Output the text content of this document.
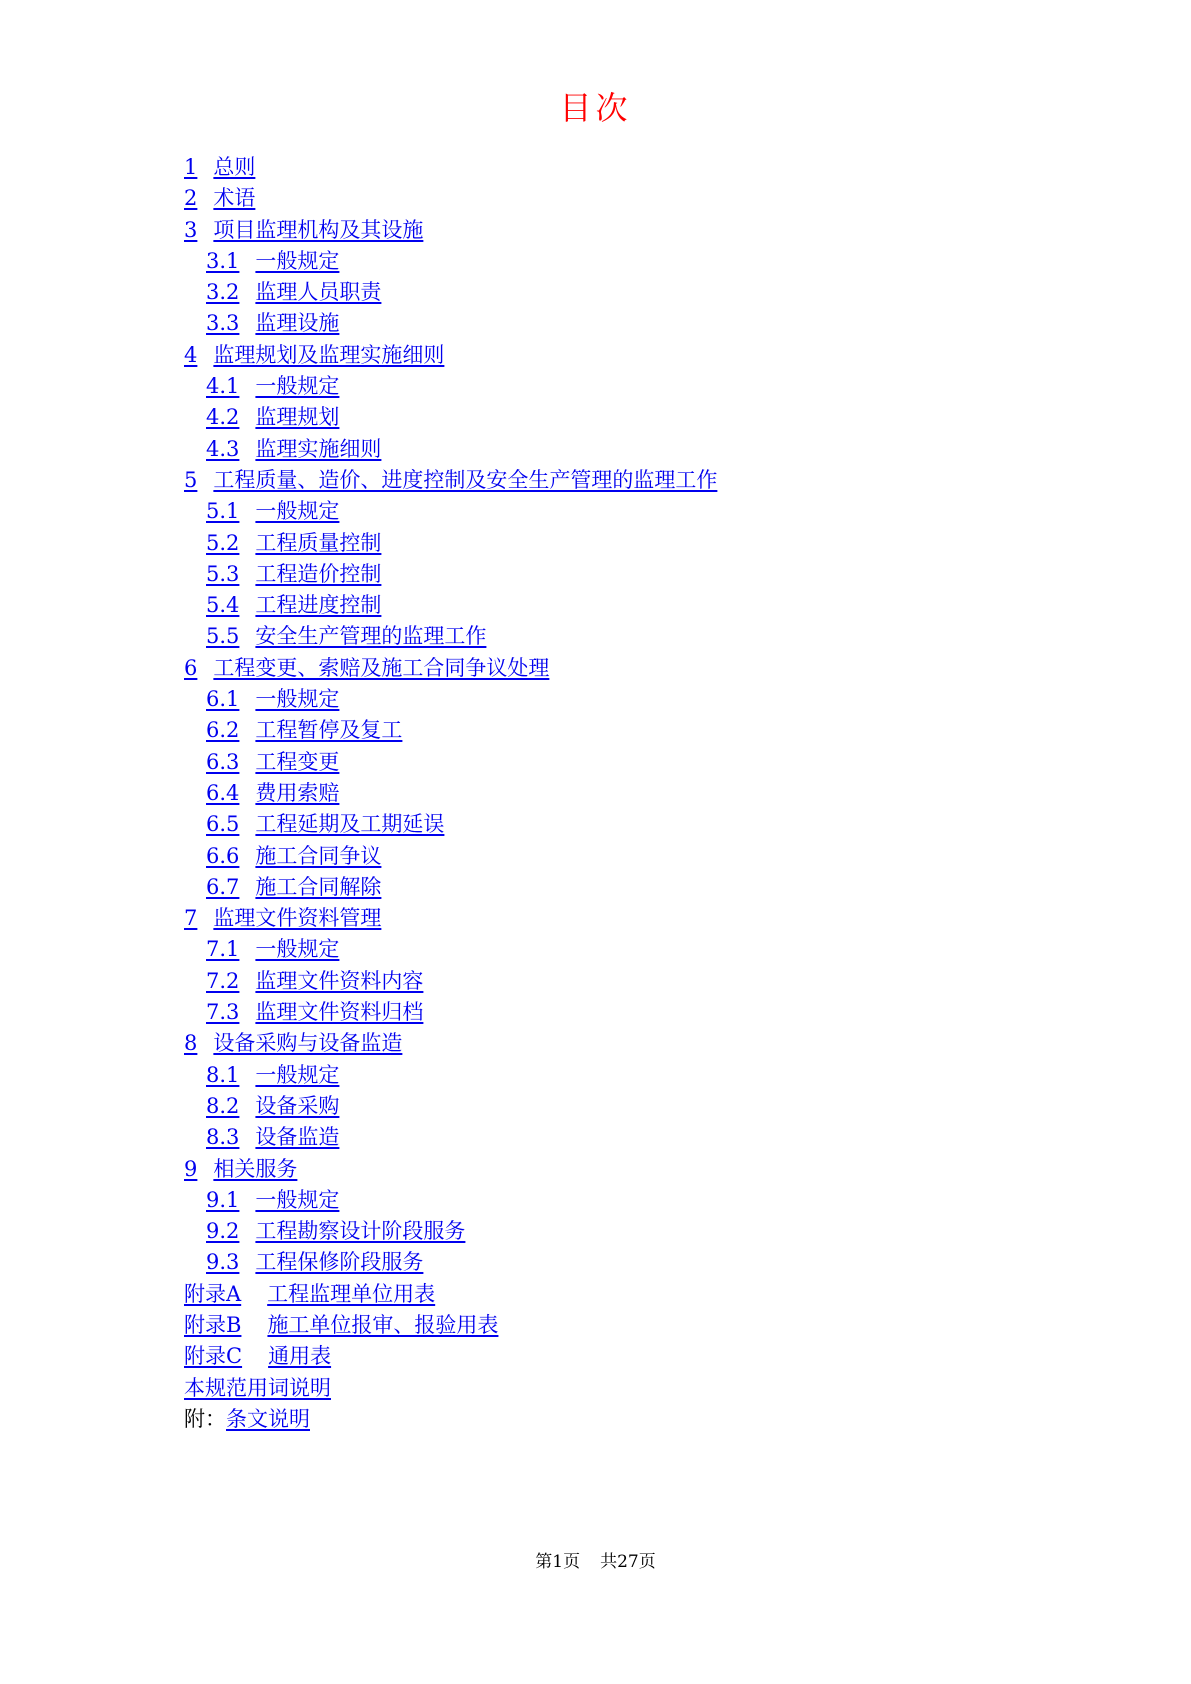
目次
1 总则
2 术语
3 项目监理机构及其设施
3.1 一般规定
3.2 监理人员职责
3.3 监理设施
4 监理规划及监理实施细则
4.1 一般规定
4.2 监理规划
4.3 监理实施细则
5 工程质量、造价、进度控制及安全生产管理的监理工作
5.1 一般规定
5.2 工程质量控制
5.3 工程造价控制
5.4 工程进度控制
5.5 安全生产管理的监理工作
6 工程变更、索赔及施工合同争议处理
6.1 一般规定
6.2 工程暂停及复工
6.3 工程变更
6.4 费用索赔
6.5 工程延期及工期延误
6.6 施工合同争议
6.7 施工合同解除
7 监理文件资料管理
7.1 一般规定
7.2 监理文件资料内容
7.3 监理文件资料归档
8 设备采购与设备监造
8.1 一般规定
8.2 设备采购
8.3 设备监造
9 相关服务
9.1 一般规定
9.2 工程勘察设计阶段服务
9.3 工程保修阶段服务
附录A 工程监理单位用表
附录B 施工单位报审、报验用表
附录C 通用表
本规范用词说明
附：条文说明
第1页 共27页
